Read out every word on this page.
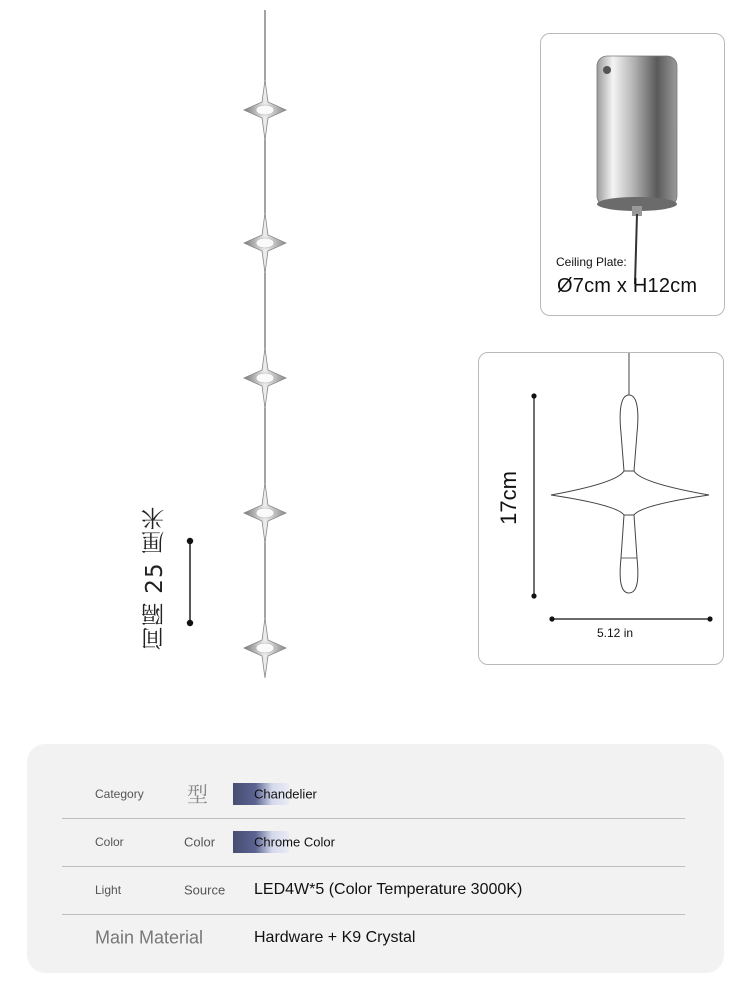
间隔 25 厘米
Ceiling Plate:
Ø7cm x H12cm
17cm
5.12 in
Category 型	Chandelier
Color	Color	Chrome Color
Light	Source LED4W*5 (Color Temperature 3000K)
Main Material	Hardware + K9 Crystal
